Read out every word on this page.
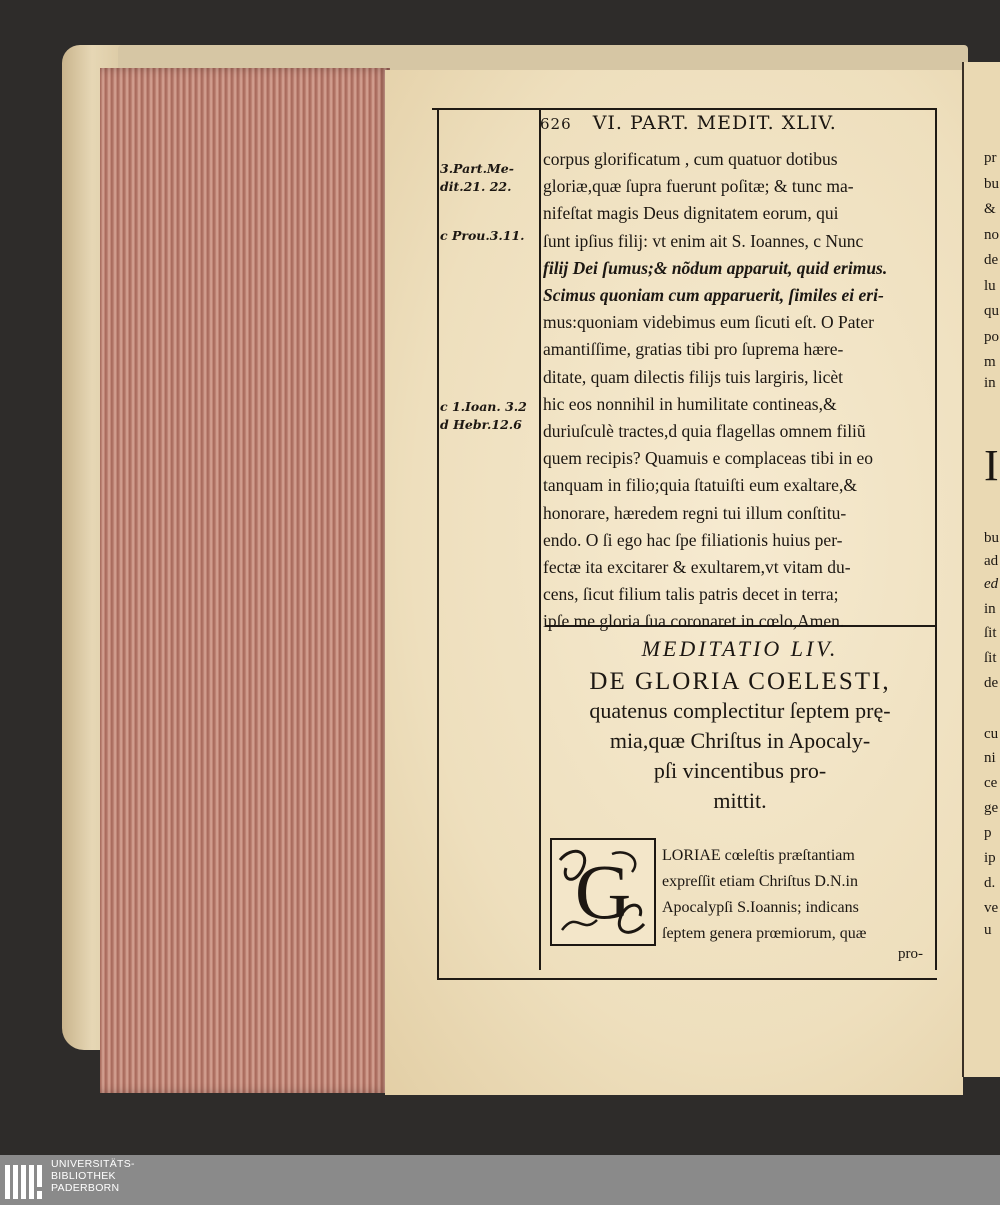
626 VI. PART. MEDIT. XLIV.
3.Part.Me-
dit.21. 22.
c Prou.3.11.
c 1.Ioan. 3.2
d Hebr.12.6
corpus glorificatum , cum quatuor dotibus
gloriæ,quæ ſupra fuerunt poſitæ; & tunc ma-
nifeſtat magis Deus dignitatem eorum, qui
ſunt ipſius filij: vt enim ait S. Ioannes, c Nunc
filij Dei ſumus;& nõdum apparuit, quid erimus.
Scimus quoniam cum apparuerit, ſimiles ei eri-
mus:quoniam videbimus eum ſicuti eſt. O Pater
amantiſſime, gratias tibi pro ſuprema hære-
ditate, quam dilectis filijs tuis largiris, licèt
hic eos nonnihil in humilitate contineas,&
duriuſculè tractes,d quia flagellas omnem filiũ
quem recipis? Quamuis e complaceas tibi in eo
tanquam in filio;quia ſtatuiſti eum exaltare,&
honorare, hæredem regni tui illum conſtitu-
endo. O ſi ego hac ſpe filiationis huius per-
fectæ ita excitarer & exultarem,vt vitam du-
cens, ſicut filium talis patris decet in terra;
ipſe me gloria ſua coronaret in cœlo,Amen.
MEDITATIO LIV.
DE GLORIA COELESTI,
quatenus complectitur ſeptem prę-
mia,quæ Chriſtus in Apocaly-
pſi vincentibus pro-
mittit.
G	LORIAE cœleſtis præſtantiam
expreſſit etiam Chriſtus D.N.in
Apocalypſi S.Ioannis; indicans
ſeptem genera prœmiorum, quæ
pro-
pr
bu
&
no
de
lu
qu
po
m
in
I
bu
ad
ed
in
ſit
ſit
de
cu
ni
ce
ge
p
ip
d.
ve
u
UNIVERSITÄTS-
BIBLIOTHEK
PADERBORN
